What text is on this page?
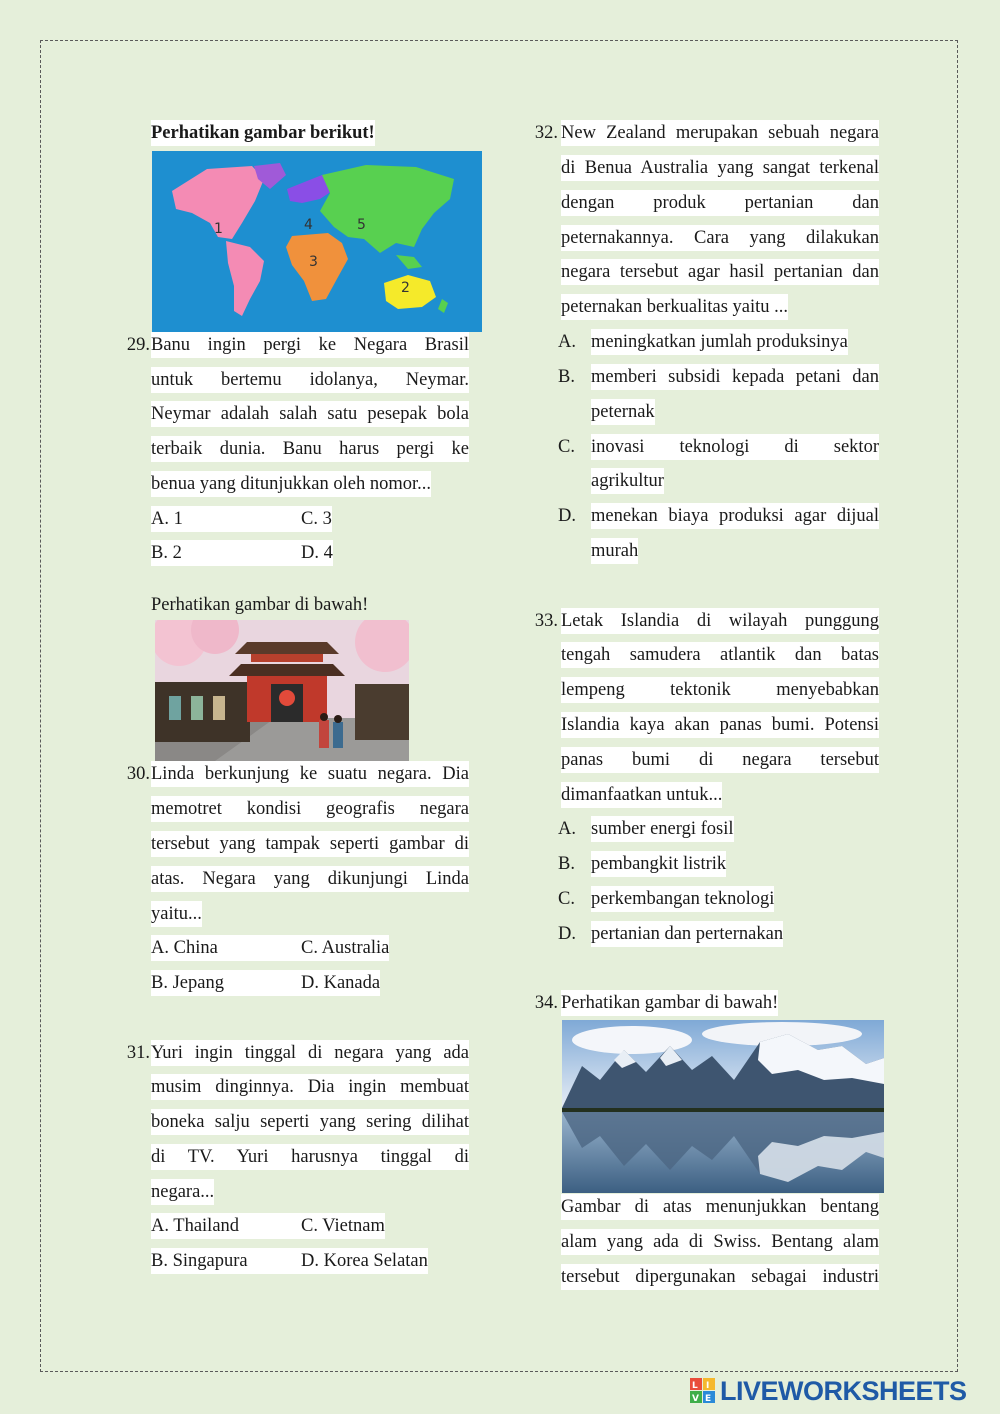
Perhatikan gambar berikut!
1
2
3
4	5
29. Banu ingin pergi ke Negara Brasil
untuk bertemu idolanya, Neymar.
Neymar adalah salah satu pesepak bola
terbaik dunia. Banu harus pergi ke
benua yang ditunjukkan oleh nomor...
A. 1	C. 3
B. 2	D. 4
Perhatikan gambar di bawah!
30. Linda berkunjung ke suatu negara. Dia
memotret kondisi geografis negara
tersebut yang tampak seperti gambar di
atas. Negara yang dikunjungi Linda
yaitu...
A. China	C. Australia
B. Jepang	D. Kanada
31. Yuri ingin tinggal di negara yang ada
musim dinginnya. Dia ingin membuat
boneka salju seperti yang sering dilihat
di TV. Yuri harusnya tinggal di
negara...
A. Thailand	C. Vietnam
B. Singapura	D. Korea Selatan
32. New Zealand merupakan sebuah negara
di Benua Australia yang sangat terkenal
dengan produk pertanian dan
peternakannya. Cara yang dilakukan
negara tersebut agar hasil pertanian dan
peternakan berkualitas yaitu ...
A. meningkatkan jumlah produksinya
B. memberi subsidi kepada petani dan
peternak
C. inovasi teknologi di sektor
agrikultur
D. menekan biaya produksi agar dijual
murah
33. Letak Islandia di wilayah punggung
tengah samudera atlantik dan batas
lempeng tektonik menyebabkan
Islandia kaya akan panas bumi. Potensi
panas bumi di negara tersebut
dimanfaatkan untuk...
A. sumber energi fosil
B. pembangkit listrik
C. perkembangan teknologi
D. pertanian dan perternakan
34. Perhatikan gambar di bawah!
Gambar di atas menunjukkan bentang
alam yang ada di Swiss. Bentang alam
tersebut dipergunakan sebagai industri
L I
V E LIVEWORKSHEETS
